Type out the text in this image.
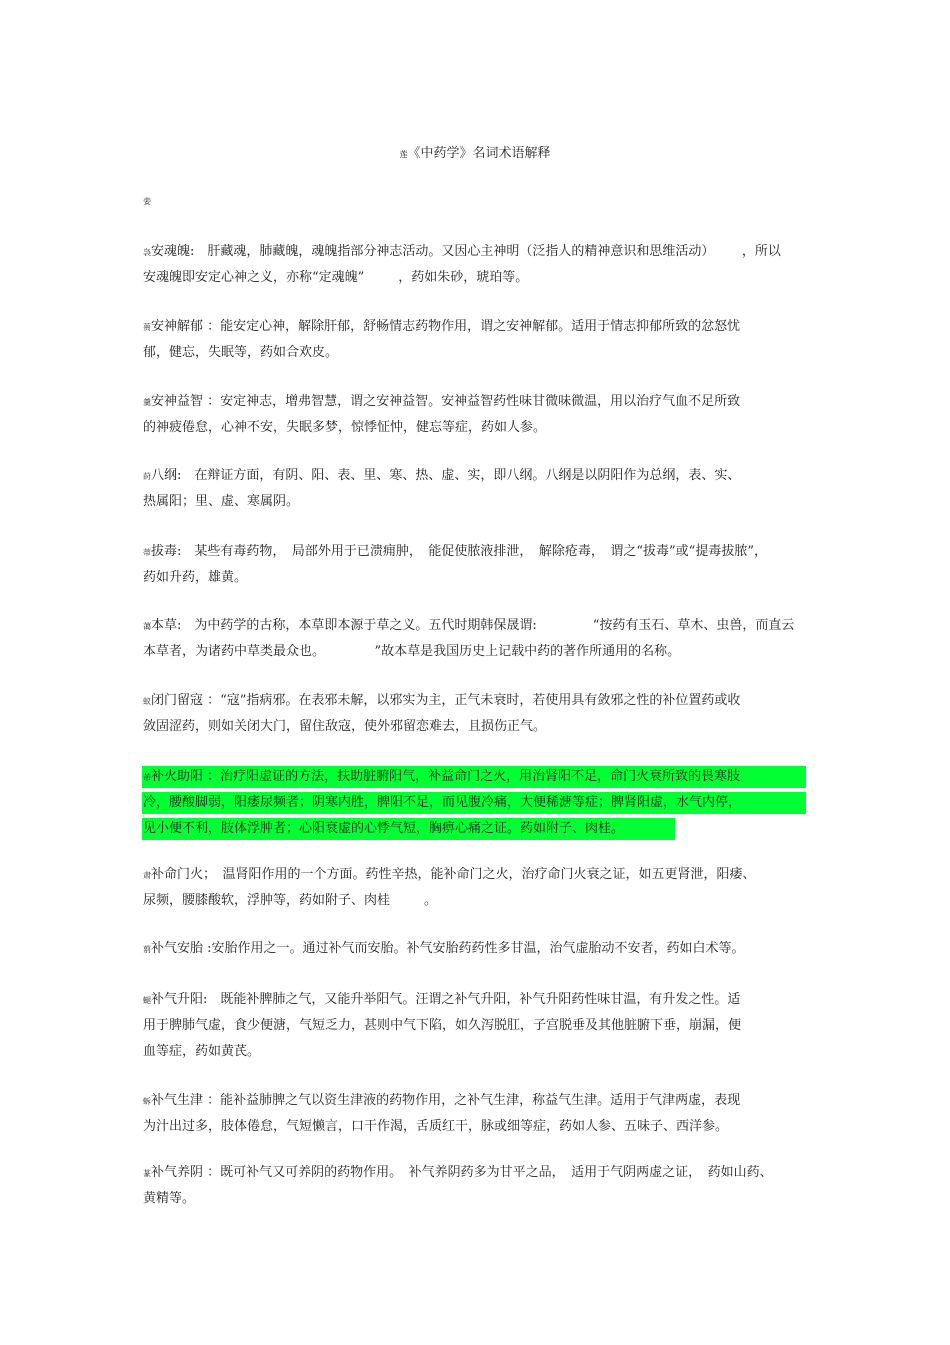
莲《中药学》名词术语解释
娈
袅安魂魄:　肝藏魂，肺藏魄，魂魄指部分神志活动。又因心主神明（泛指人的精神意识和思维活动）	，所以
安魂魄即安定心神之义，亦称“定魂魄”	，药如朱砂，琥珀等。
蒉安神解郁 ：能安定心神，解除肝郁，舒畅情志药物作用，谓之安神解郁。适用于情志抑郁所致的忿怒忧
郁，健忘，失眠等，药如合欢皮。
羹安神益智 ：安定神志，增弗智慧，谓之安神益智。安神益智药性味甘微味微温，用以治疗气血不足所致
的神疲倦怠，心神不安，失眠多梦，惊悸怔忡，健忘等症，药如人参。
莳八纲:　在辩证方面，有阴、阳、表、里、寒、热、虚、实，即八纲。八纲是以阴阳作为总纲，表、实、
热属阳；里、虚、寒属阴。
蒂拔毒:　某些有毒药物，　局部外用于已溃痈肿，　能促使脓液排泄，　解除疮毒，　谓之“拔毒”或“提毒拔脓”，
药如升药，雄黄。
蔼本草:　为中药学的古称，本草即本源于草之义。五代时期韩保晟谓:	“按药有玉石、草木、虫兽，而直云
本草者，为诸药中草类最众也。	”故本草是我国历史上记载中药的著作所通用的名称。
蚁闭门留寇 ：“寇”指病邪。在表邪未解，以邪实为主，正气未衰时，若使用具有敛邪之性的补位置药或收
敛固涩药，则如关闭大门，留住敌寇，使外邪留恋难去，且损伤正气。
芾补火助阳 ：治疗阳虚证的方法，扶助脏腑阳气，补益命门之火，用治肾阳不足，命门火衰所致的畏寒肢
冷，腰酸脚弱，阳痿尿频者；阴寒内胜，脾阳不足，而见腹冷痛，大便稀溏等症；脾肾阳虚，水气内停，
见小便不利，肢体浮肿者；心阳衰虚的心悸气短，胸痹心痛之证。药如附子、肉桂。
肃补命门火；　温肾阳作用的一个方面。药性辛热，能补命门之火，治疗命门火衰之证，如五更肾泄，阳痿、
尿频，腰膝酸软，浮肿等，药如附子、肉桂	。
莂补气安胎 :安胎作用之一。通过补气而安胎。补气安胎药药性多甘温，治气虚胎动不安者，药如白术等。
螁补气升阳:　既能补脾肺之气，又能升举阳气。汪谓之补气升阳，补气升阳药性味甘温，有升发之性。适
用于脾肺气虚，食少便溏，气短乏力，甚则中气下陷，如久泻脱肛，子宫脱垂及其他脏腑下垂，崩漏，便
血等症，药如黄芪。
蚸补气生津 ：能补益肺脾之气以资生津液的药物作用，之补气生津，称益气生津。适用于气津两虚，表现
为汁出过多，肢体倦怠，气短懒言，口干作渴，舌质红干，脉或细等症，药如人参、五味子、西洋参。
蒃补气养阴 ：既可补气又可养阴的药物作用。　补气养阴药多为甘平之品，　适用于气阴两虚之证，　药如山药、
黄精等。
